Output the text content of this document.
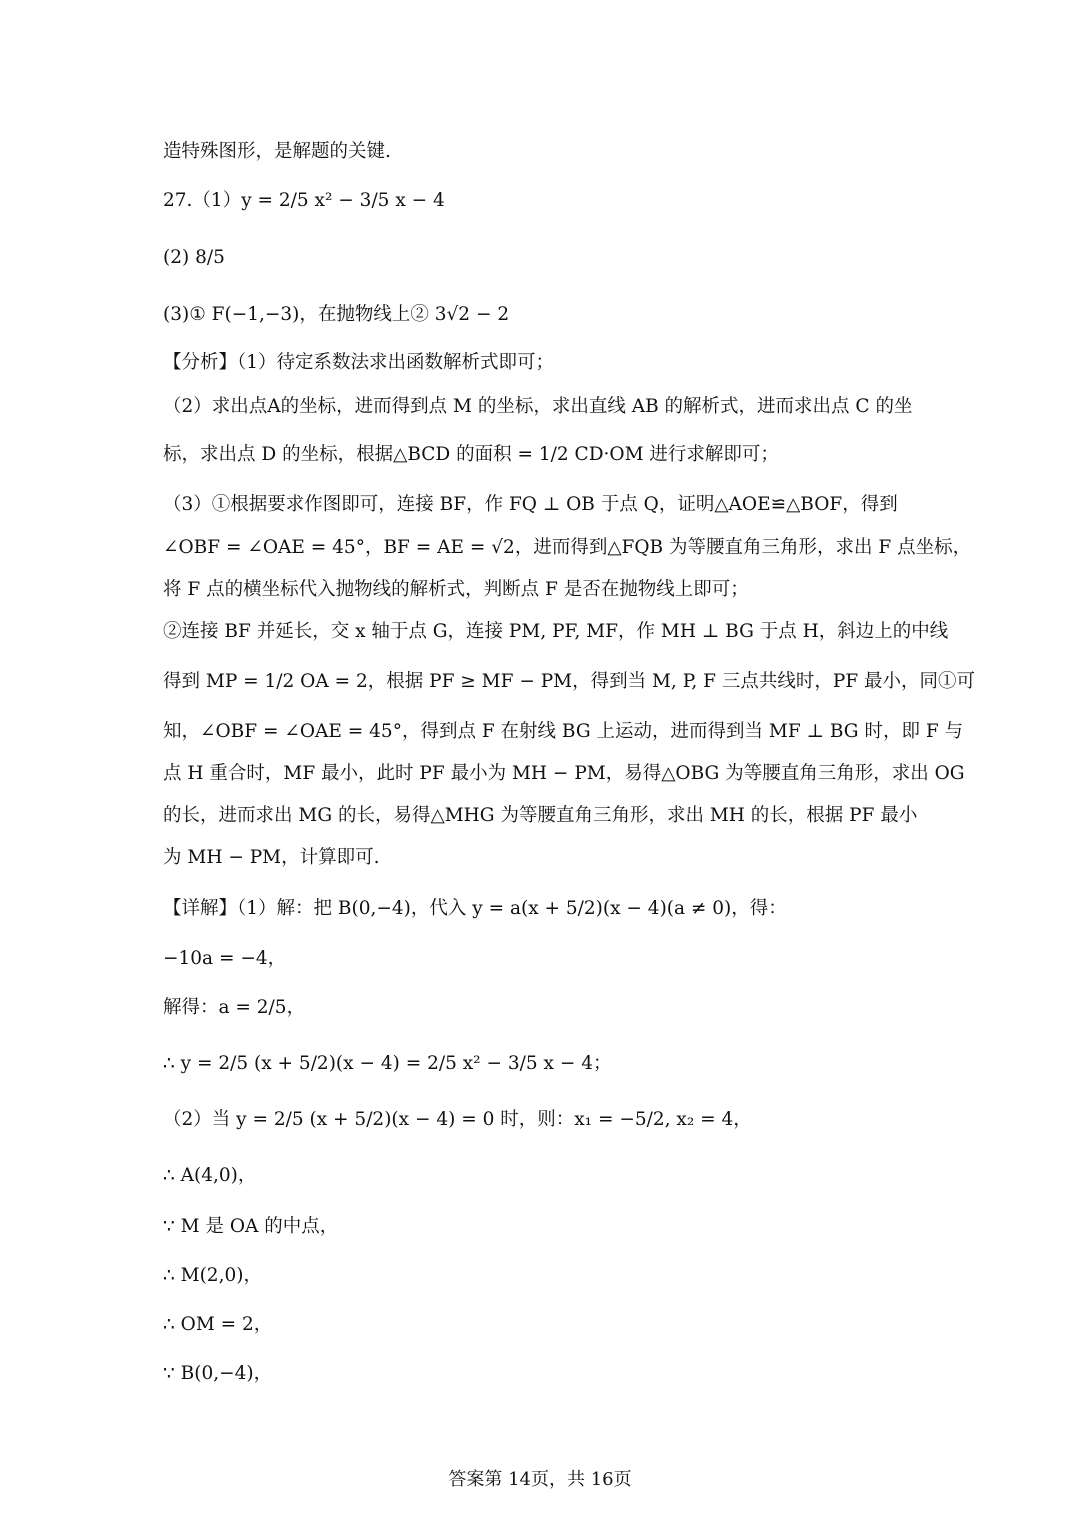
造特殊图形，是解题的关键.
27.（1）y = 2/5 x² − 3/5 x − 4
(2) 8/5
(3)① F(−1,−3)，在抛物线上② 3√2 − 2
【分析】（1）待定系数法求出函数解析式即可；
（2）求出点A的坐标，进而得到点 M 的坐标，求出直线 AB 的解析式，进而求出点 C 的坐
标，求出点 D 的坐标，根据△BCD 的面积 = 1/2 CD·OM 进行求解即可；
（3）①根据要求作图即可，连接 BF，作 FQ ⊥ OB 于点 Q，证明△AOE≌△BOF，得到
∠OBF = ∠OAE = 45°，BF = AE = √2，进而得到△FQB 为等腰直角三角形，求出 F 点坐标，
将 F 点的横坐标代入抛物线的解析式，判断点 F 是否在抛物线上即可；
②连接 BF 并延长，交 x 轴于点 G，连接 PM, PF, MF，作 MH ⊥ BG 于点 H，斜边上的中线
得到 MP = 1/2 OA = 2，根据 PF ≥ MF − PM，得到当 M, P, F 三点共线时，PF 最小，同①可
知，∠OBF = ∠OAE = 45°，得到点 F 在射线 BG 上运动，进而得到当 MF ⊥ BG 时，即 F 与
点 H 重合时，MF 最小，此时 PF 最小为 MH − PM，易得△OBG 为等腰直角三角形，求出 OG
的长，进而求出 MG 的长，易得△MHG 为等腰直角三角形，求出 MH 的长，根据 PF 最小
为 MH − PM，计算即可.
【详解】（1）解：把 B(0,−4)，代入 y = a(x + 5/2)(x − 4)(a ≠ 0)，得：
−10a = −4，
解得：a = 2/5，
∴ y = 2/5 (x + 5/2)(x − 4) = 2/5 x² − 3/5 x − 4；
（2）当 y = 2/5 (x + 5/2)(x − 4) = 0 时，则：x₁ = −5/2, x₂ = 4，
∴ A(4,0)，
∵ M 是 OA 的中点，
∴ M(2,0)，
∴ OM = 2，
∵ B(0,−4)，
答案第 14页，共 16页
